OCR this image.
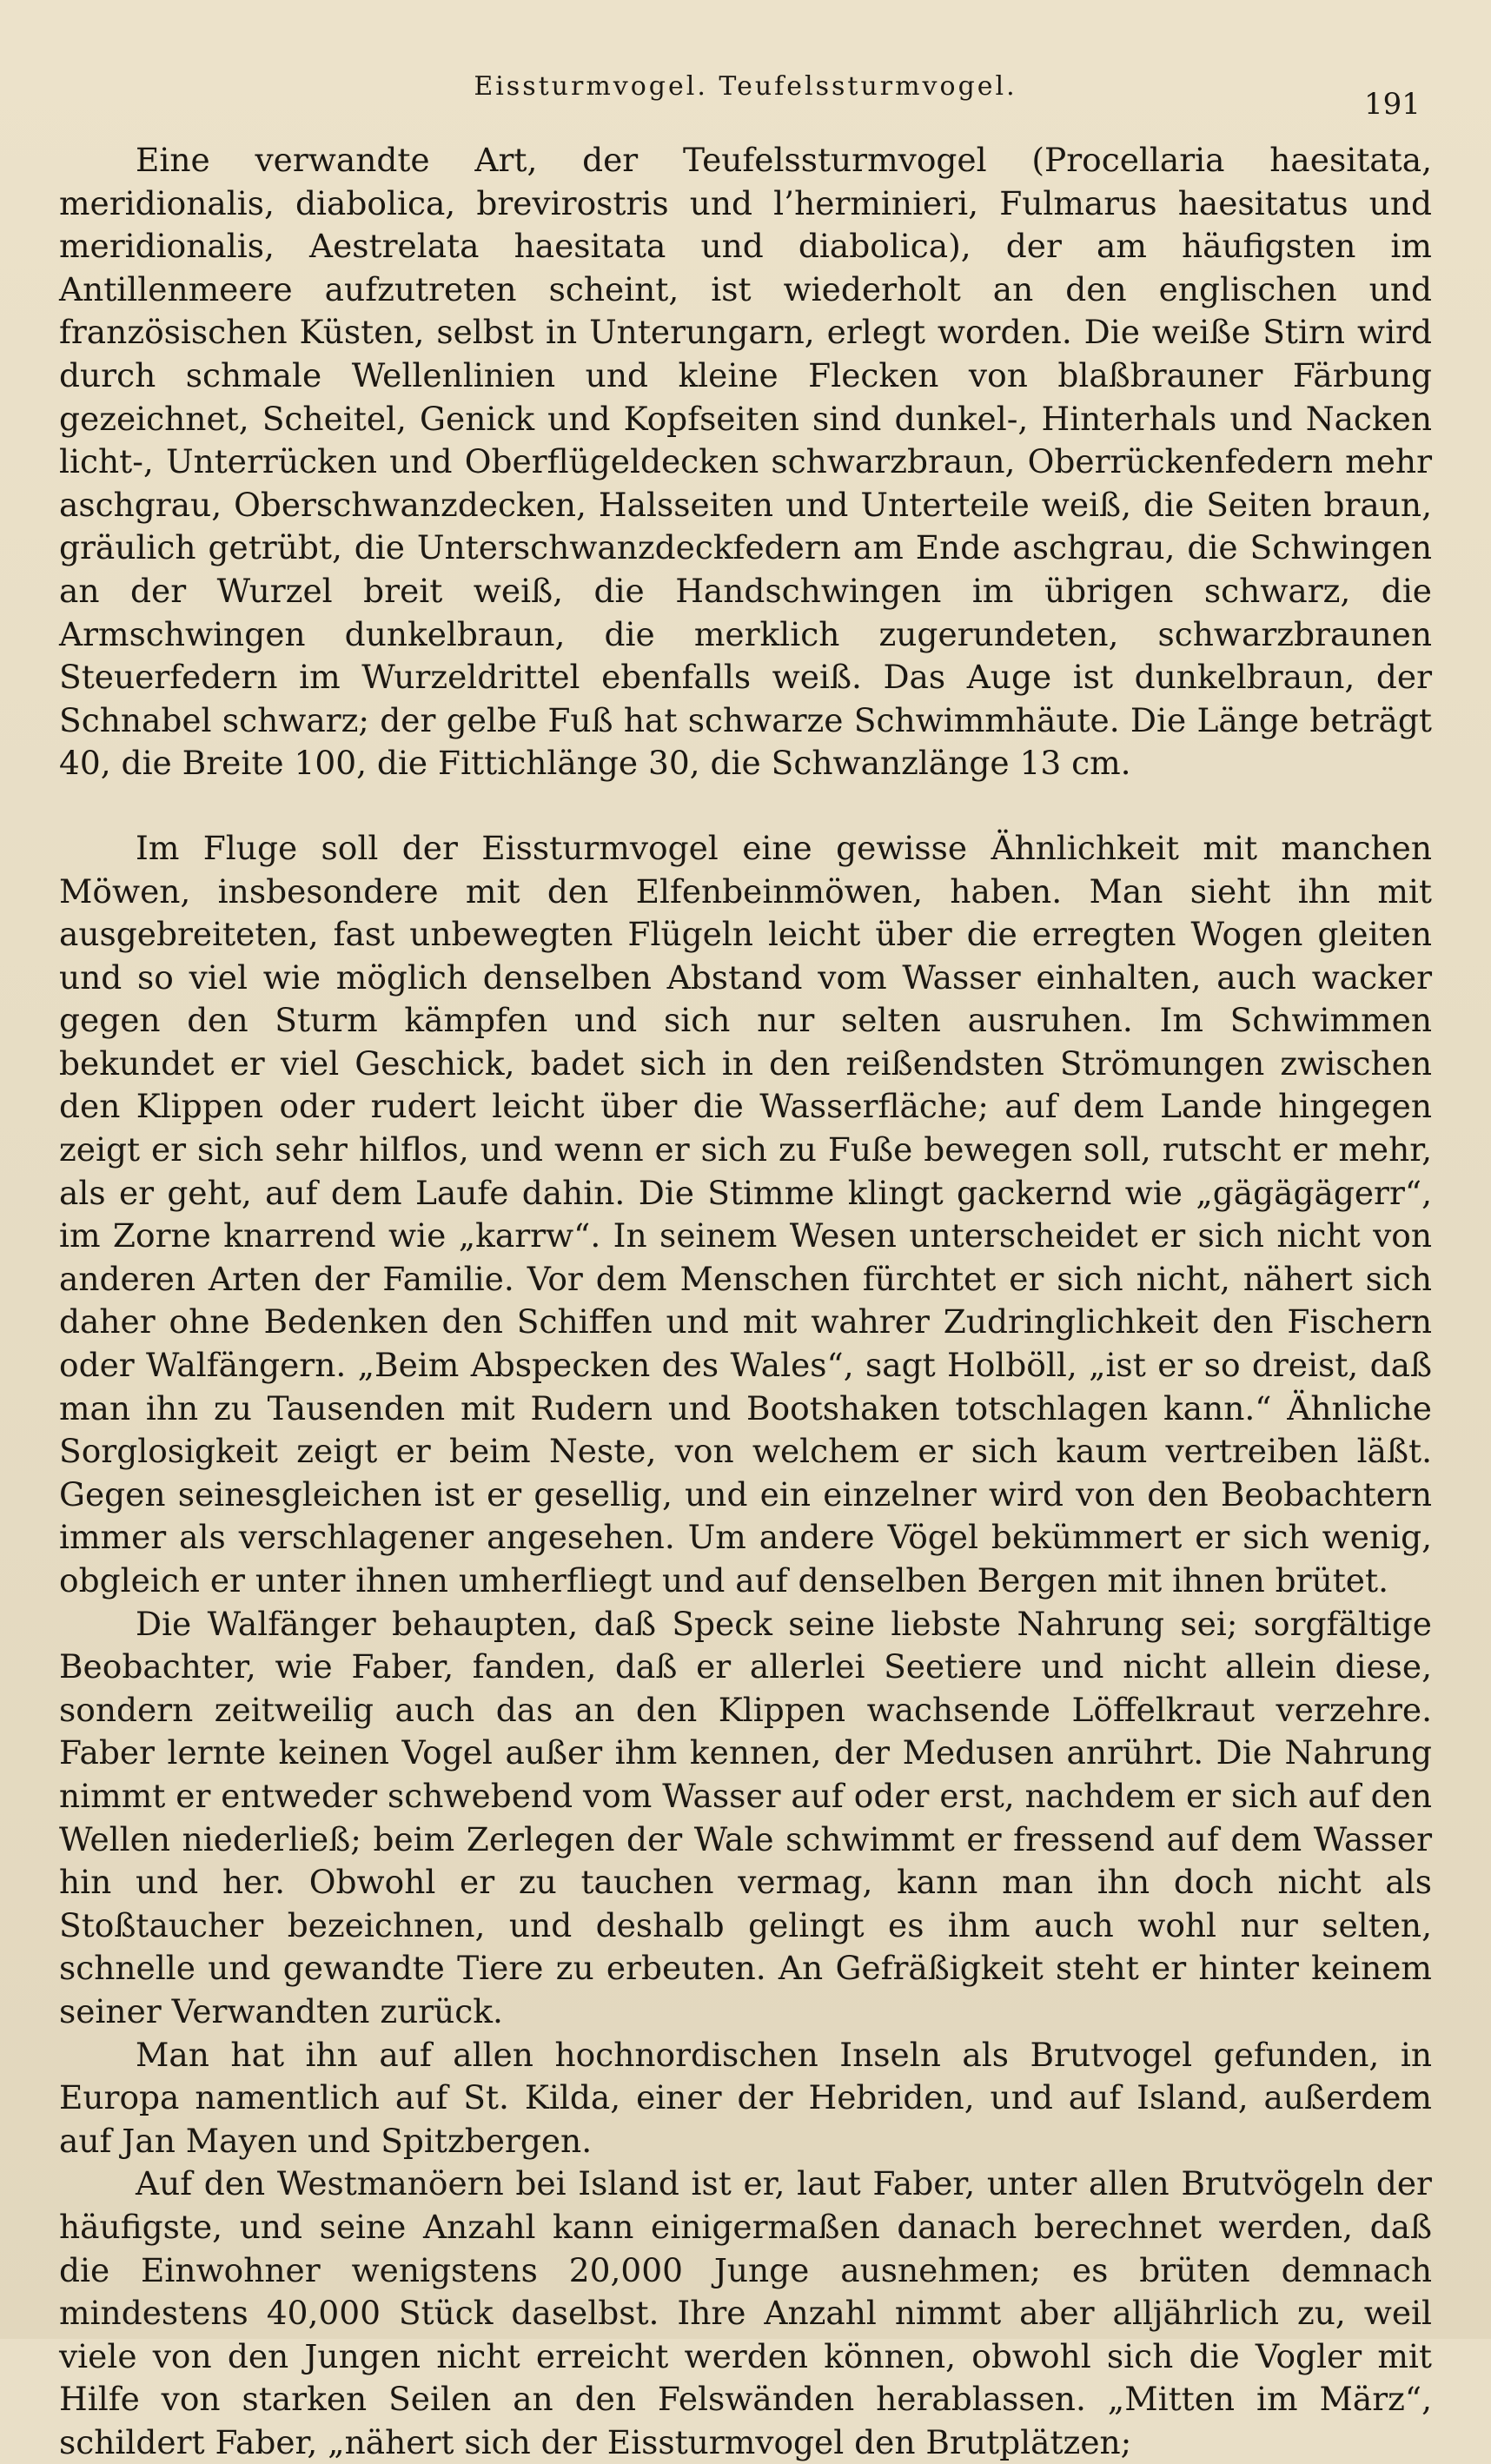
Eissturmvogel. Teufelssturmvogel.
191

Eine verwandte Art, der Teufelssturmvogel (Procellaria haesitata, meridionalis, diabolica, brevirostris und l’herminieri, Fulmarus haesitatus und meridionalis, Aestrelata haesitata und diabolica), der am häufigsten im Antillenmeere aufzutreten scheint, ist wiederholt an den englischen und französischen Küsten, selbst in Unterungarn, erlegt worden. Die weiße Stirn wird durch schmale Wellenlinien und kleine Flecken von blaßbrauner Färbung gezeichnet, Scheitel, Genick und Kopfseiten sind dunkel-, Hinterhals und Nacken licht-, Unterrücken und Oberflügeldecken schwarzbraun, Oberrückenfedern mehr aschgrau, Oberschwanzdecken, Halsseiten und Unterteile weiß, die Seiten braun, gräulich getrübt, die Unterschwanzdeckfedern am Ende aschgrau, die Schwingen an der Wurzel breit weiß, die Handschwingen im übrigen schwarz, die Armschwingen dunkelbraun, die merklich zugerundeten, schwarzbraunen Steuerfedern im Wurzeldrittel ebenfalls weiß. Das Auge ist dunkelbraun, der Schnabel schwarz; der gelbe Fuß hat schwarze Schwimmhäute. Die Länge beträgt 40, die Breite 100, die Fittichlänge 30, die Schwanzlänge 13 cm.

Im Fluge soll der Eissturmvogel eine gewisse Ähnlichkeit mit manchen Möwen, insbesondere mit den Elfenbeinmöwen, haben. Man sieht ihn mit ausgebreiteten, fast unbewegten Flügeln leicht über die erregten Wogen gleiten und so viel wie möglich denselben Abstand vom Wasser einhalten, auch wacker gegen den Sturm kämpfen und sich nur selten ausruhen. Im Schwimmen bekundet er viel Geschick, badet sich in den reißendsten Strömungen zwischen den Klippen oder rudert leicht über die Wasserfläche; auf dem Lande hingegen zeigt er sich sehr hilflos, und wenn er sich zu Fuße bewegen soll, rutscht er mehr, als er geht, auf dem Laufe dahin. Die Stimme klingt gackernd wie „gägägägerr“, im Zorne knarrend wie „karrw“. In seinem Wesen unterscheidet er sich nicht von anderen Arten der Familie. Vor dem Menschen fürchtet er sich nicht, nähert sich daher ohne Bedenken den Schiffen und mit wahrer Zudringlichkeit den Fischern oder Walfängern. „Beim Abspecken des Wales“, sagt Holböll, „ist er so dreist, daß man ihn zu Tausenden mit Rudern und Bootshaken totschlagen kann.“ Ähnliche Sorglosigkeit zeigt er beim Neste, von welchem er sich kaum vertreiben läßt. Gegen seinesgleichen ist er gesellig, und ein einzelner wird von den Beobachtern immer als verschlagener angesehen. Um andere Vögel bekümmert er sich wenig, obgleich er unter ihnen umherfliegt und auf denselben Bergen mit ihnen brütet.

Die Walfänger behaupten, daß Speck seine liebste Nahrung sei; sorgfältige Beobachter, wie Faber, fanden, daß er allerlei Seetiere und nicht allein diese, sondern zeitweilig auch das an den Klippen wachsende Löffelkraut verzehre. Faber lernte keinen Vogel außer ihm kennen, der Medusen anrührt. Die Nahrung nimmt er entweder schwebend vom Wasser auf oder erst, nachdem er sich auf den Wellen niederließ; beim Zerlegen der Wale schwimmt er fressend auf dem Wasser hin und her. Obwohl er zu tauchen vermag, kann man ihn doch nicht als Stoßtaucher bezeichnen, und deshalb gelingt es ihm auch wohl nur selten, schnelle und gewandte Tiere zu erbeuten. An Gefräßigkeit steht er hinter keinem seiner Verwandten zurück.

Man hat ihn auf allen hochnordischen Inseln als Brutvogel gefunden, in Europa namentlich auf St. Kilda, einer der Hebriden, und auf Island, außerdem auf Jan Mayen und Spitzbergen.

Auf den Westmanöern bei Island ist er, laut Faber, unter allen Brutvögeln der häufigste, und seine Anzahl kann einigermaßen danach berechnet werden, daß die Einwohner wenigstens 20,000 Junge ausnehmen; es brüten demnach mindestens 40,000 Stück daselbst. Ihre Anzahl nimmt aber alljährlich zu, weil viele von den Jungen nicht erreicht werden können, obwohl sich die Vogler mit Hilfe von starken Seilen an den Felswänden herablassen. „Mitten im März“, schildert Faber, „nähert sich der Eissturmvogel den Brutplätzen;
